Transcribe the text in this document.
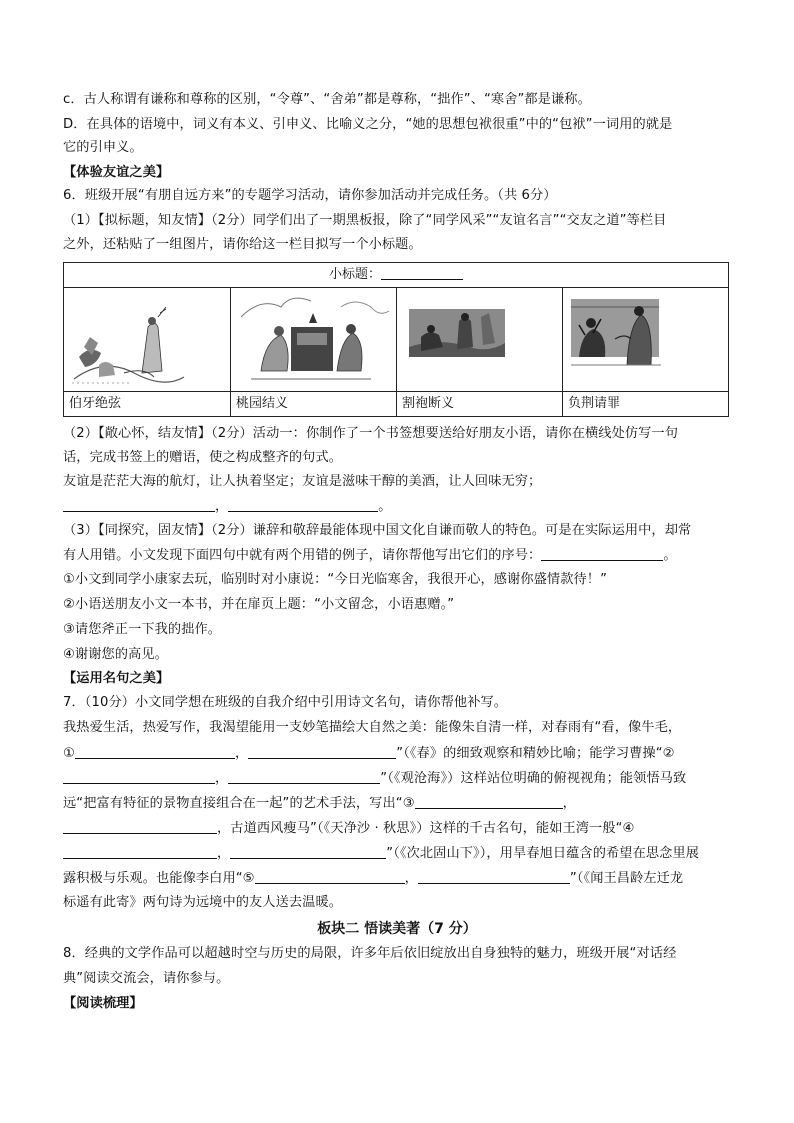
c．古人称谓有谦称和尊称的区别，“令尊”、“舍弟”都是尊称，“拙作”、“寒舍”都是谦称。
D．在具体的语境中，词义有本义、引申义、比喻义之分，“她的思想包袱很重”中的“包袱”一词用的就是
它的引申义。
【体验友谊之美】
6．班级开展“有朋自远方来”的专题学习活动，请你参加活动并完成任务。（共 6分）
（1）【拟标题，知友情】（2分）同学们出了一期黑板报，除了“同学风采”“友谊名言”“交友之道”等栏目
之外，还粘贴了一组图片，请你给这一栏目拟写一个小标题。
小标题：
伯牙绝弦	桃园结义	割袍断义	负荆请罪
（2）【敞心怀，结友情】（2分）活动一：你制作了一个书签想要送给好朋友小语，请你在横线处仿写一句
话，完成书签上的赠语，使之构成整齐的句式。
友谊是茫茫大海的航灯，让人执着坚定；友谊是滋味干醇的美酒，让人回味无穷；
，	。
（3）【同探究，固友情】（2分）谦辞和敬辞最能体现中国文化自谦而敬人的特色。可是在实际运用中，却常
有人用错。小文发现下面四句中就有两个用错的例子，请你帮他写出它们的序号：	。
①小文到同学小康家去玩，临别时对小康说：“今日光临寒舍，我很开心，感谢你盛情款待！”
②小语送朋友小文一本书，并在扉页上题：“小文留念，小语惠赠。”
③请您斧正一下我的拙作。
④谢谢您的高见。
【运用名句之美】
7．（10分）小文同学想在班级的自我介绍中引用诗文名句，请你帮他补写。
我热爱生活，热爱写作，我渴望能用一支妙笔描绘大自然之美：能像朱自清一样，对春雨有“看，像牛毛，
①	，	”（《春》的细致观察和精妙比喻；能学习曹操“②
，	”（《观沧海》）这样站位明确的俯视视角；能领悟马致
远“把富有特征的景物直接组合在一起”的艺术手法，写出“③	，
，古道西风瘦马”（《天净沙 · 秋思》）这样的千古名句，能如王湾一般“④
，	”（《次北固山下》），用旱春旭日蕴含的希望在思念里展
露积极与乐观。也能像李白用“⑤	，	”（《闻王昌龄左迁龙
标遥有此寄》两句诗为远境中的友人送去温暖。
板块二 悟读美著（7 分）
8．经典的文学作品可以超越时空与历史的局限，许多年后依旧绽放出自身独特的魅力，班级开展“对话经
典”阅读交流会，请你参与。
【阅读梳理】
